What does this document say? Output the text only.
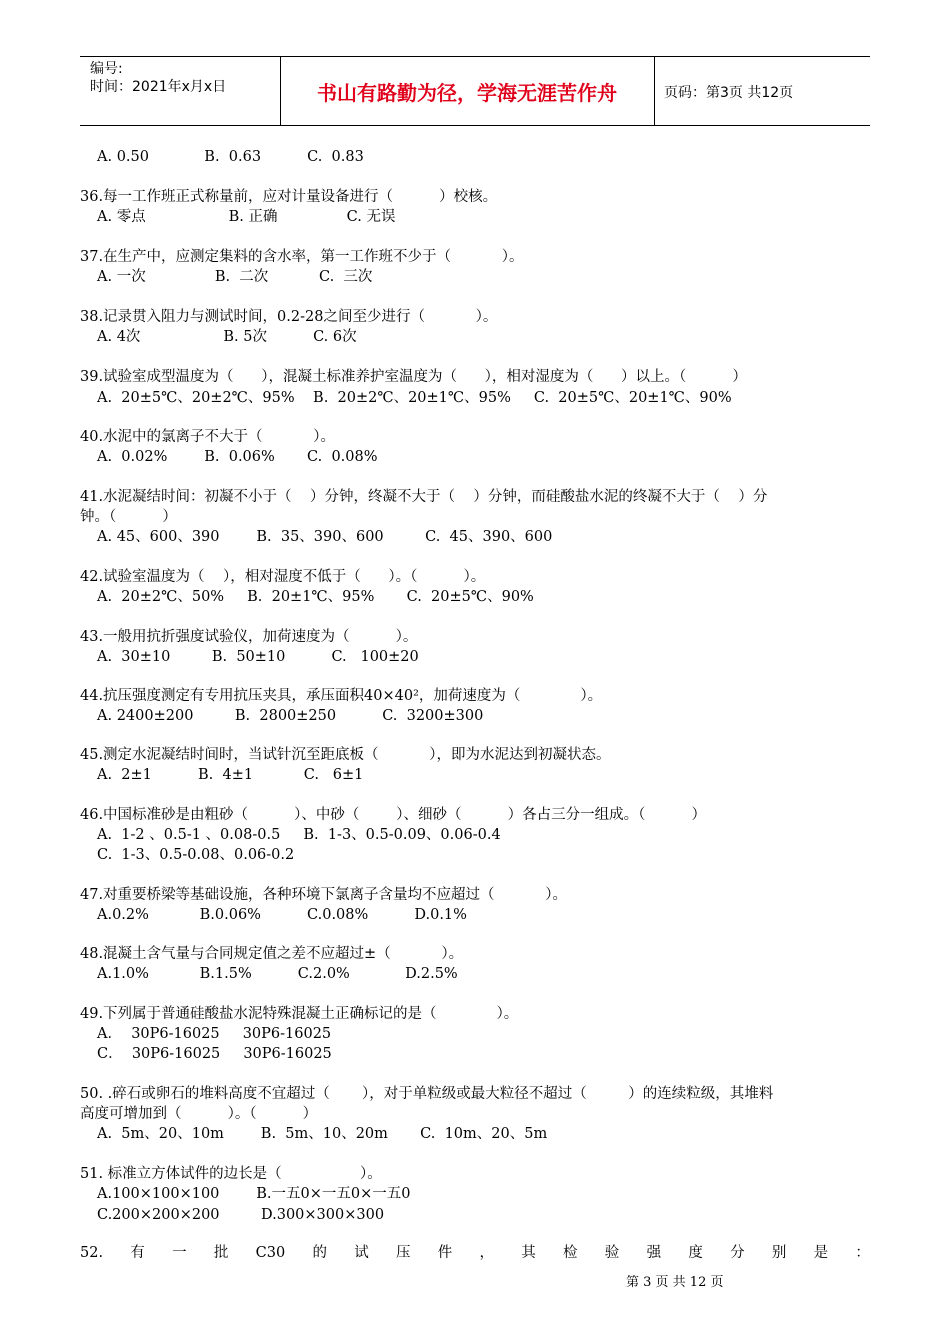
编号:
时间：2021年x月x日	书山有路勤为径，学海无涯苦作舟	页码：第3页 共12页
A. 0.50            B.  0.63          C.  0.83
36.每一工作班正式称量前，应对计量设备进行（          ）校核。
A. 零点                  B. 正确               C. 无误
37.在生产中，应测定集料的含水率，第一工作班不少于（           ）。
A. 一次               B.  二次           C.  三次
38.记录贯入阻力与测试时间，0.2-28之间至少进行（           ）。
A. 4次                  B. 5次          C. 6次
39.试验室成型温度为（      ），混凝土标准养护室温度为（      ），相对湿度为（      ）以上。（          ）
A.  20±5℃、20±2℃、95%    B.  20±2℃、20±1℃、95%     C.  20±5℃、20±1℃、90%
40.水泥中的氯离子不大于（           ）。
A.  0.02%        B.  0.06%       C.  0.08%
41.水泥凝结时间：初凝不小于（    ）分钟，终凝不大于（    ）分钟，而硅酸盐水泥的终凝不大于（    ）分
钟。（          ）
A. 45、600、390        B.  35、390、600         C.  45、390、600
42.试验室温度为（    ），相对湿度不低于（      ）。（          ）。
A.  20±2℃、50%     B.  20±1℃、95%       C.  20±5℃、90%
43.一般用抗折强度试验仪，加荷速度为（          ）。
A.  30±10         B.  50±10          C.   100±20
44.抗压强度测定有专用抗压夹具，承压面积40×40²，加荷速度为（             ）。
A. 2400±200         B.  2800±250          C.  3200±300
45.测定水泥凝结时间时，当试针沉至距底板（           ），即为水泥达到初凝状态。
A.  2±1          B.  4±1           C.   6±1
46.中国标准砂是由粗砂（          ）、中砂（        ）、细砂（          ）各占三分一组成。（          ）
A.  1-2 、0.5-1 、0.08-0.5     B.  1-3、0.5-0.09、0.06-0.4
C.  1-3、0.5-0.08、0.06-0.2
47.对重要桥梁等基础设施，各种环境下氯离子含量均不应超过（           ）。
A.0.2%           B.0.06%          C.0.08%          D.0.1%
48.混凝土含气量与合同规定值之差不应超过±（           ）。
A.1.0%           B.1.5%          C.2.0%            D.2.5%
49.下列属于普通硅酸盐水泥特殊混凝土正确标记的是（             ）。
A．  30P6-16025     30P6-16025
C．  30P6-16025     30P6-16025
50. .碎石或卵石的堆料高度不宜超过（       ），对于单粒级或最大粒径不超过（         ）的连续粒级，其堆料
高度可增加到（          ）。（          ）
A.  5m、20、10m        B.  5m、10、20m       C.  10m、20、5m
51. 标准立方体试件的边长是（                 ）。
A.100×100×100        B.一五0×一五0×一五0
C.200×200×200         D.300×300×300
52. 有 一 批 C30 的 试 压 件 ， 其 检 验 强 度 分 别 是 ：
第 3 页 共 12 页
